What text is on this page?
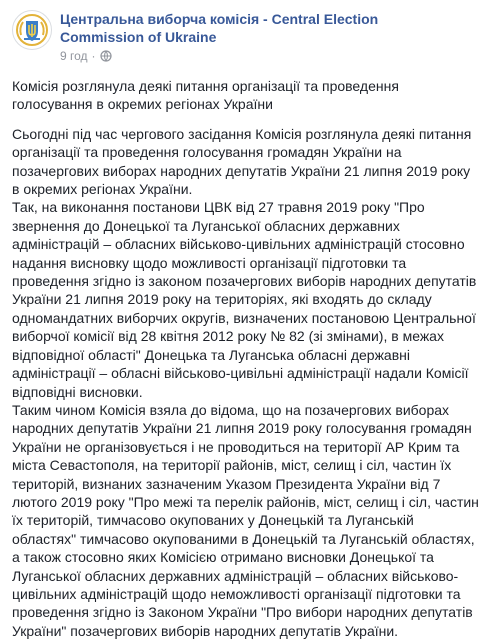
Центральна виборча комісія - Central Election Commission of Ukraine
9 год ·

Комісія розглянула деякі питання організації та проведення голосування в окремих регіонах України

Сьогодні під час чергового засідання Комісія розглянула деякі питання організації та проведення голосування громадян України на позачергових виборах народних депутатів України 21 липня 2019 року в окремих регіонах України.

Так, на виконання постанови ЦВК від 27 травня 2019 року "Про звернення до Донецької та Луганської обласних державних адміністрацій – обласних військово-цивільних адміністрацій стосовно надання висновку щодо можливості організації підготовки та проведення згідно із законом позачергових виборів народних депутатів України 21 липня 2019 року на територіях, які входять до складу одномандатних виборчих округів, визначених постановою Центральної виборчої комісії від 28 квітня 2012 року № 82 (зі змінами), в межах відповідної області" Донецька та Луганська обласні державні адміністрації – обласні військово-цивільні адміністрації надали Комісії відповідні висновки.

Таким чином Комісія взяла до відома, що на позачергових виборах народних депутатів України 21 липня 2019 року голосування громадян України не організовується і не проводиться на території АР Крим та міста Севастополя, на території районів, міст, селищ і сіл, частин їх територій, визнаних зазначеним Указом Президента України від 7 лютого 2019 року "Про межі та перелік районів, міст, селищ і сіл, частин їх територій, тимчасово окупованих у Донецькій та Луганській областях" тимчасово окупованими в Донецькій та Луганській областях, а також стосовно яких Комісією отримано висновки Донецької та Луганської обласних державних адміністрацій – обласних військово-цивільних адміністрацій щодо неможливості організації підготовки та проведення згідно із Законом України "Про вибори народних депутатів України" позачергових виборів народних депутатів України.
